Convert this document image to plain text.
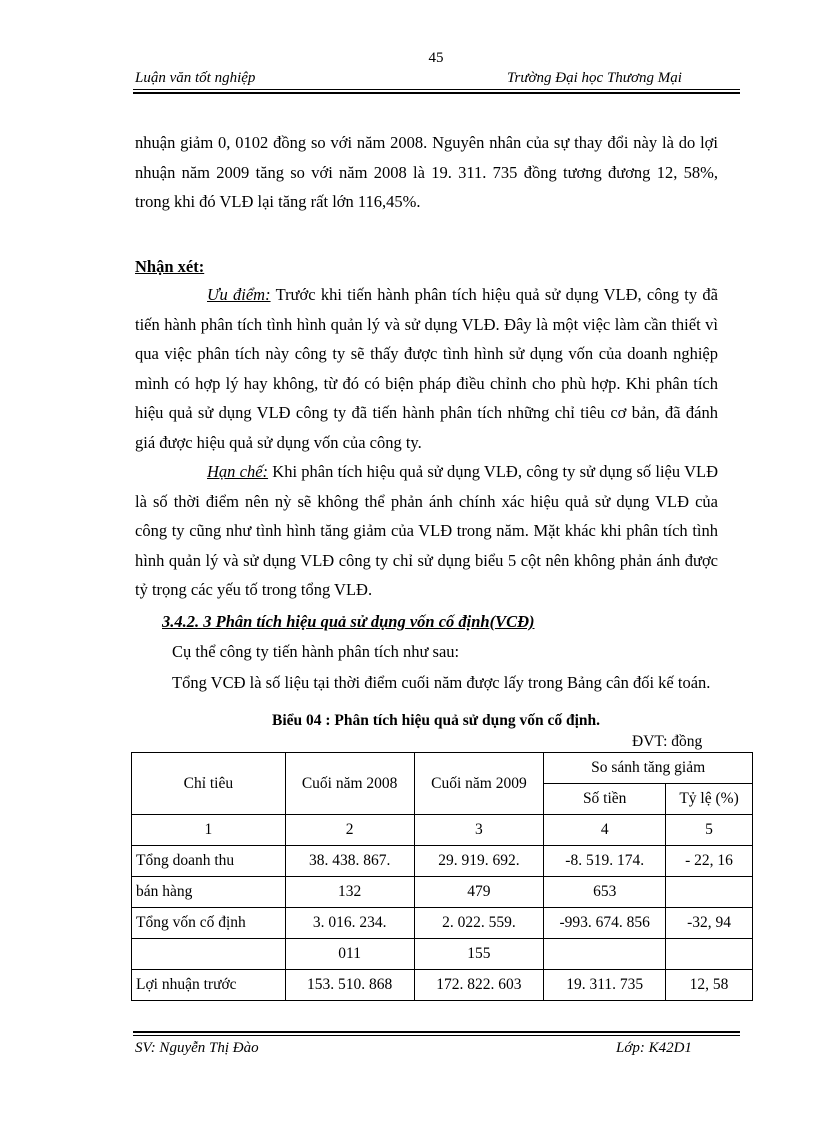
45
Luận văn tốt nghiệp	Trường Đại học Thương Mại

nhuận giảm 0, 0102 đồng so với năm 2008. Nguyên nhân của sự thay đổi này là do lợi nhuận năm 2009 tăng so với năm 2008 là 19. 311. 735 đồng tương đương 12, 58%, trong khi đó VLĐ lại tăng rất lớn 116,45%.

Nhận xét:

Ưu điểm: Trước khi tiến hành phân tích hiệu quả sử dụng VLĐ, công ty đã tiến hành phân tích tình hình quản lý và sử dụng VLĐ. Đây là một việc làm cần thiết vì qua việc phân tích này công ty sẽ thấy được tình hình sử dụng vốn của doanh nghiệp mình có hợp lý hay không, từ đó có biện pháp điều chỉnh cho phù hợp. Khi phân tích hiệu quả sử dụng VLĐ công ty đã tiến hành phân tích những chỉ tiêu cơ bản, đã đánh giá được hiệu quả sử dụng vốn của công ty.

Hạn chế: Khi phân tích hiệu quả sử dụng VLĐ, công ty sử dụng số liệu VLĐ là số thời điểm nên nỳ sẽ không thể phản ánh chính xác hiệu quả sử dụng VLĐ của công ty cũng như tình hình tăng giảm của VLĐ trong năm. Mặt khác khi phân tích tình hình quản lý và sử dụng VLĐ công ty chỉ sử dụng biểu 5 cột nên không phản ánh được tỷ trọng các yếu tố trong tổng VLĐ.

3.4.2. 3 Phân tích hiệu quả sử dụng vốn cố định(VCĐ)
Cụ thể công ty tiến hành phân tích như sau:
Tổng VCĐ là số liệu tại thời điểm cuối năm được lấy trong Bảng cân đối kế toán.
Biểu 04 : Phân tích hiệu quả sử dụng vốn cố định.
ĐVT: đồng
Chỉ tiêu	Cuối năm 2008	Cuối năm 2009	So sánh tăng giảm	
			Số tiền	Tỷ lệ (%)
1	2	3	4	5
Tổng doanh thu	38. 438. 867.	29. 919. 692.	-8. 519. 174.	- 22, 16
bán hàng	132	479	653	
Tổng vốn cố định	3. 016. 234.	2. 022. 559.	-993. 674. 856	-32, 94
	011	155		
Lợi nhuận trước	153. 510. 868	172. 822. 603	19. 311. 735	12, 58
SV: Nguyễn Thị Đào	Lớp: K42D1
